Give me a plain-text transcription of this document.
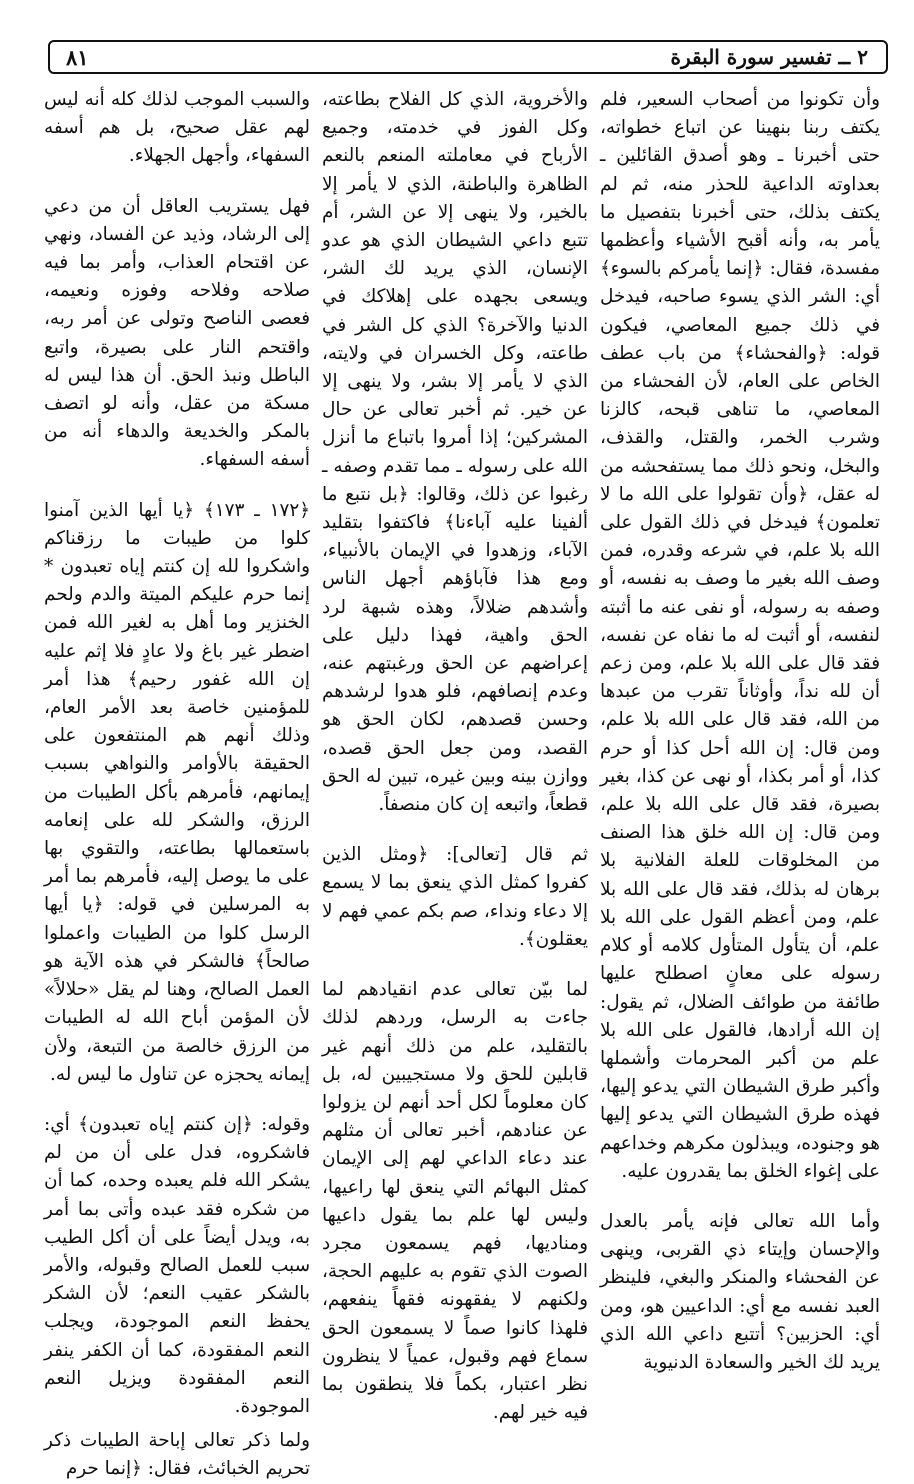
٢ ــ تفسير سورة البقرة
٨١

وأن تكونوا من أصحاب السعير، فلم يكتف ربنا بنهينا عن اتباع خطواته، حتى أخبرنا ـ وهو أصدق القائلين ـ بعداوته الداعية للحذر منه، ثم لم يكتف بذلك، حتى أخبرنا بتفصيل ما يأمر به، وأنه أقبح الأشياء وأعظمها مفسدة، فقال: ﴿إنما يأمركم بالسوء﴾ أي: الشر الذي يسوء صاحبه، فيدخل في ذلك جميع المعاصي، فيكون قوله: ﴿والفحشاء﴾ من باب عطف الخاص على العام، لأن الفحشاء من المعاصي، ما تناهى قبحه، كالزنا وشرب الخمر، والقتل، والقذف، والبخل، ونحو ذلك مما يستفحشه من له عقل، ﴿وأن تقولوا على الله ما لا تعلمون﴾ فيدخل في ذلك القول على الله بلا علم، في شرعه وقدره، فمن وصف الله بغير ما وصف به نفسه، أو وصفه به رسوله، أو نفى عنه ما أثبته لنفسه، أو أثبت له ما نفاه عن نفسه، فقد قال على الله بلا علم، ومن زعم أن لله نداً، وأوثاناً تقرب من عبدها من الله، فقد قال على الله بلا علم، ومن قال: إن الله أحل كذا أو حرم كذا، أو أمر بكذا، أو نهى عن كذا، بغير بصيرة، فقد قال على الله بلا علم، ومن قال: إن الله خلق هذا الصنف من المخلوقات للعلة الفلانية بلا برهان له بذلك، فقد قال على الله بلا علم، ومن أعظم القول على الله بلا علم، أن يتأول المتأول كلامه أو كلام رسوله على معانٍ اصطلح عليها طائفة من طوائف الضلال، ثم يقول: إن الله أرادها، فالقول على الله بلا علم من أكبر المحرمات وأشملها وأكبر طرق الشيطان التي يدعو إليها، فهذه طرق الشيطان التي يدعو إليها هو وجنوده، ويبذلون مكرهم وخداعهم على إغواء الخلق بما يقدرون عليه.

وأما الله تعالى فإنه يأمر بالعدل والإحسان وإيتاء ذي القربى، وينهى عن الفحشاء والمنكر والبغي، فلينظر العبد نفسه مع أي: الداعيين هو، ومن أي: الحزبين؟ أتتبع داعي الله الذي يريد لك الخير والسعادة الدنيوية

والأخروية، الذي كل الفلاح بطاعته، وكل الفوز في خدمته، وجميع الأرباح في معاملته المنعم بالنعم الظاهرة والباطنة، الذي لا يأمر إلا بالخير، ولا ينهى إلا عن الشر، أم تتبع داعي الشيطان الذي هو عدو الإنسان، الذي يريد لك الشر، ويسعى بجهده على إهلاكك في الدنيا والآخرة؟ الذي كل الشر في طاعته، وكل الخسران في ولايته، الذي لا يأمر إلا بشر، ولا ينهى إلا عن خير. ثم أخبر تعالى عن حال المشركين؛ إذا أمروا باتباع ما أنزل الله على رسوله ـ مما تقدم وصفه ـ رغبوا عن ذلك، وقالوا: ﴿بل نتبع ما ألفينا عليه آباءنا﴾ فاكتفوا بتقليد الآباء، وزهدوا في الإيمان بالأنبياء، ومع هذا فآباؤهم أجهل الناس وأشدهم ضلالاً، وهذه شبهة لرد الحق واهية، فهذا دليل على إعراضهم عن الحق ورغبتهم عنه، وعدم إنصافهم، فلو هدوا لرشدهم وحسن قصدهم، لكان الحق هو القصد، ومن جعل الحق قصده، ووازن بينه وبين غيره، تبين له الحق قطعاً، واتبعه إن كان منصفاً.

ثم قال [تعالى]: ﴿ومثل الذين كفروا كمثل الذي ينعق بما لا يسمع إلا دعاء ونداء، صم بكم عمي فهم لا يعقلون﴾.

لما بيّن تعالى عدم انقيادهم لما جاءت به الرسل، وردهم لذلك بالتقليد، علم من ذلك أنهم غير قابلين للحق ولا مستجيبين له، بل كان معلوماً لكل أحد أنهم لن يزولوا عن عنادهم، أخبر تعالى أن مثلهم عند دعاء الداعي لهم إلى الإيمان كمثل البهائم التي ينعق لها راعيها، وليس لها علم بما يقول داعيها ومناديها، فهم يسمعون مجرد الصوت الذي تقوم به عليهم الحجة، ولكنهم لا يفقهونه فقهاً ينفعهم، فلهذا كانوا صماً لا يسمعون الحق سماع فهم وقبول، عمياً لا ينظرون نظر اعتبار، بكماً فلا ينطقون بما فيه خير لهم.

والسبب الموجب لذلك كله أنه ليس لهم عقل صحيح، بل هم أسفه السفهاء، وأجهل الجهلاء.

فهل يستريب العاقل أن من دعي إلى الرشاد، وذيد عن الفساد، ونهي عن اقتحام العذاب، وأمر بما فيه صلاحه وفلاحه وفوزه ونعيمه، فعصى الناصح وتولى عن أمر ربه، واقتحم النار على بصيرة، واتبع الباطل ونبذ الحق. أن هذا ليس له مسكة من عقل، وأنه لو اتصف بالمكر والخديعة والدهاء أنه من أسفه السفهاء.

﴿١٧٢ ـ ١٧٣﴾ ﴿يا أيها الذين آمنوا كلوا من طيبات ما رزقناكم واشكروا لله إن كنتم إياه تعبدون * إنما حرم عليكم الميتة والدم ولحم الخنزير وما أهل به لغير الله فمن اضطر غير باغ ولا عادٍ فلا إثم عليه إن الله غفور رحيم﴾ هذا أمر للمؤمنين خاصة بعد الأمر العام، وذلك أنهم هم المنتفعون على الحقيقة بالأوامر والنواهي بسبب إيمانهم، فأمرهم بأكل الطيبات من الرزق، والشكر لله على إنعامه باستعمالها بطاعته، والتقوي بها على ما يوصل إليه، فأمرهم بما أمر به المرسلين في قوله: ﴿يا أيها الرسل كلوا من الطيبات واعملوا صالحاً﴾ فالشكر في هذه الآية هو العمل الصالح، وهنا لم يقل «حلالاً» لأن المؤمن أباح الله له الطيبات من الرزق خالصة من التبعة، ولأن إيمانه يحجزه عن تناول ما ليس له.

وقوله: ﴿إن كنتم إياه تعبدون﴾ أي: فاشكروه، فدل على أن من لم يشكر الله فلم يعبده وحده، كما أن من شكره فقد عبده وأتى بما أمر به، ويدل أيضاً على أن أكل الطيب سبب للعمل الصالح وقبوله، والأمر بالشكر عقيب النعم؛ لأن الشكر يحفظ النعم الموجودة، ويجلب النعم المفقودة، كما أن الكفر ينفر النعم المفقودة ويزيل النعم الموجودة.

ولما ذكر تعالى إباحة الطيبات ذكر تحريم الخبائث، فقال: ﴿إنما حرم
